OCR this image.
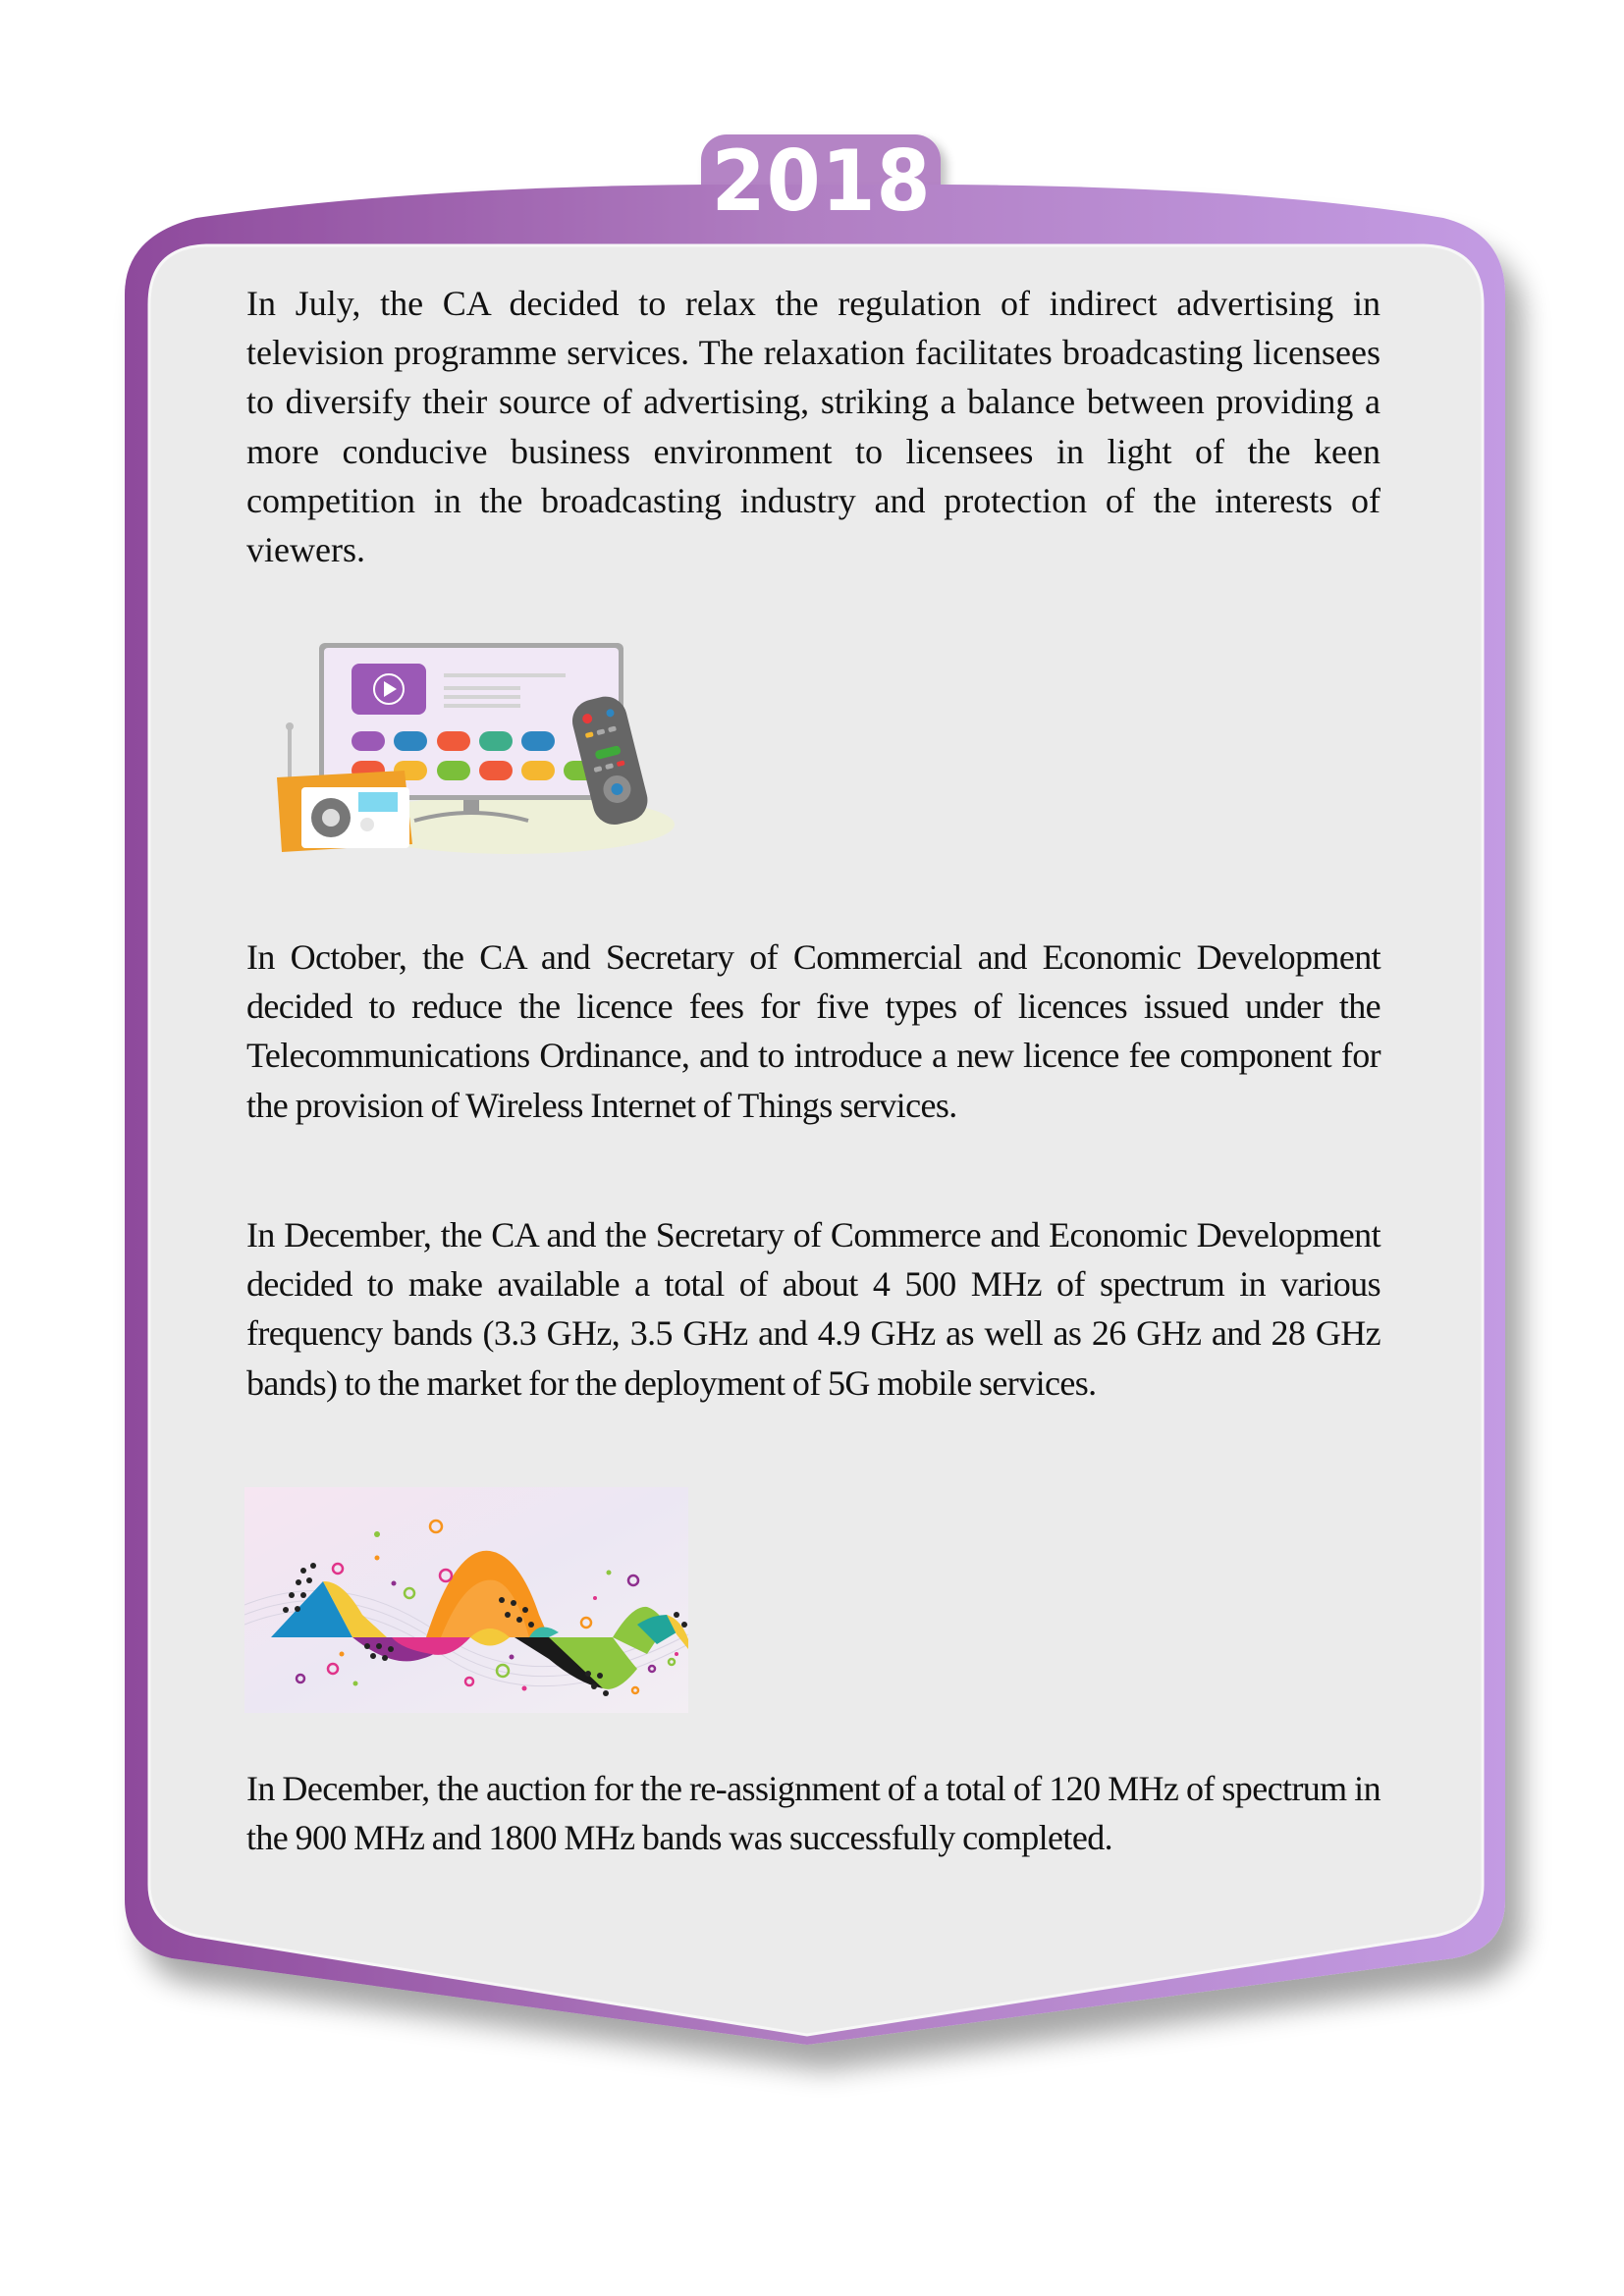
2018

In July, the CA decided to relax the regulation of indirect advertising in television programme services. The relaxation facilitates broadcasting licensees to diversify their source of advertising, striking a balance between providing a more conducive business environment to licensees in light of the keen competition in the broadcasting industry and protection of the interests of viewers.

In October, the CA and Secretary of Commercial and Economic Development decided to reduce the licence fees for five types of licences issued under the Telecommunications Ordinance, and to introduce a new licence fee component for the provision of Wireless Internet of Things services.

In December, the CA and the Secretary of Commerce and Economic Development decided to make available a total of about 4 500 MHz of spectrum in various frequency bands (3.3 GHz, 3.5 GHz and 4.9 GHz as well as 26 GHz and 28 GHz bands) to the market for the deployment of 5G mobile services.

In December, the auction for the re-assignment of a total of 120 MHz of spectrum in the 900 MHz and 1800 MHz bands was successfully completed.
